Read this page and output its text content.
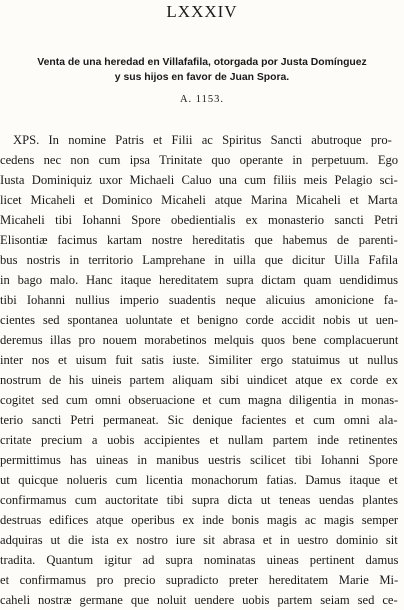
LXXXIV
Venta de una heredad en Villafafila, otorgada por Justa Domínguez
y sus hijos en favor de Juan Spora.
A. 1153.
XPS. In nomine Patris et Filii ac Spiritus Sancti abutroque pro-
cedens nec non cum ipsa Trinitate quo operante in perpetuum. Ego
Iusta Dominiquiz uxor Michaeli Caluo una cum filiis meis Pelagio sci-
licet Micaheli et Dominico Micaheli atque Marina Micaheli et Marta
Micaheli tibi Iohanni Spore obedientialis ex monasterio sancti Petri
Elisontiæ facimus kartam nostre hereditatis que habemus de parenti-
bus nostris in territorio Lamprehane in uilla que dicitur Uilla Fafila
in bago malo. Hanc itaque hereditatem supra dictam quam uendidimus
tibi Iohanni nullius imperio suadentis neque alicuius amonicione fa-
cientes sed spontanea uoluntate et benigno corde accidit nobis ut uen-
deremus illas pro nouem morabetinos melquis quos bene complacuerunt
inter nos et uisum fuit satis iuste. Similiter ergo statuimus ut nullus
nostrum de his uineis partem aliquam sibi uindicet atque ex corde ex
cogitet sed cum omni obseruacione et cum magna diligentia in monas-
terio sancti Petri permaneat. Sic denique facientes et cum omni ala-
critate precium a uobis accipientes et nullam partem inde retinentes
permittimus has uineas in manibus uestris scilicet tibi Iohanni Spore
ut quicque nolueris cum licentia monachorum fatias. Damus itaque et
confirmamus cum auctoritate tibi supra dicta ut teneas uendas plantes
destruas edifices atque operibus ex inde bonis magis ac magis semper
adquiras ut die ista ex nostro iure sit abrasa et in uestro dominio sit
tradita. Quantum igitur ad supra nominatas uineas pertinent damus
et confirmamus pro precio supradicto preter hereditatem Marie Mi-
caheli nostræ germane que noluit uendere uobis partem seiam sed ce-
